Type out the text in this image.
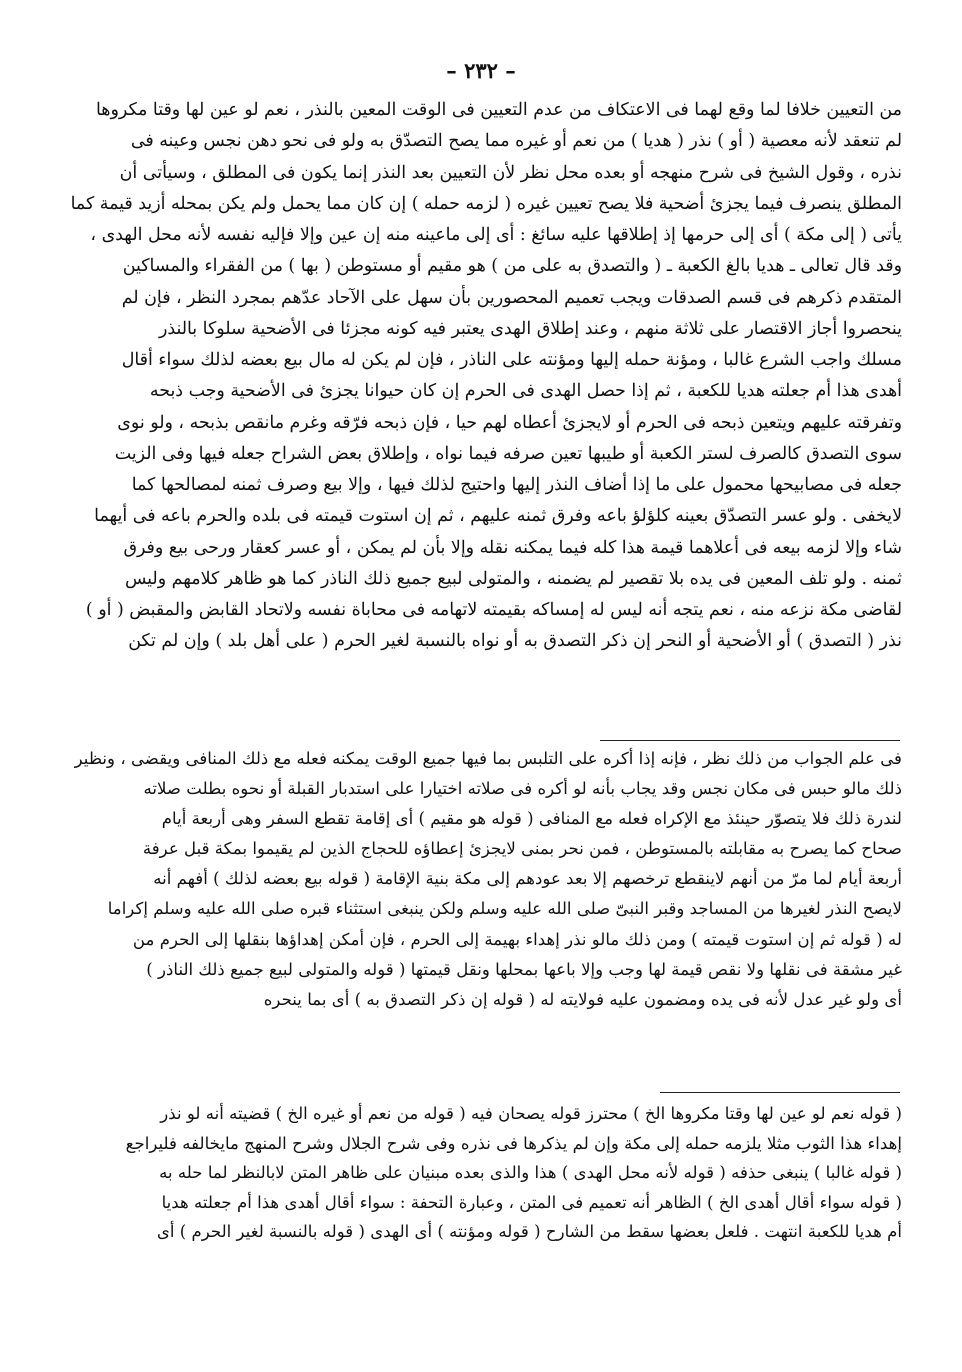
– ٢٣٢ –
من التعيين خلافا لما وقع لهما فى الاعتكاف من عدم التعيين فى الوقت المعين بالنذر ، نعم لو عين لها وقتا مكروها
لم تنعقد لأنه معصية ( أو ) نذر ( هديا ) من نعم أو غيره مما يصح التصدّق به ولو فى نحو دهن نجس وعينه فى
نذره ، وقول الشيخ فى شرح منهجه أو بعده محل نظر لأن التعيين بعد النذر إنما يكون فى المطلق ، وسيأتى أن
المطلق ينصرف فيما يجزئ أضحية فلا يصح تعيين غيره ( لزمه حمله ) إن كان مما يحمل ولم يكن بمحله أزيد قيمة كما
يأتى ( إلى مكة ) أى إلى حرمها إذ إطلاقها عليه سائغ : أى إلى ماعينه منه إن عين وإلا فإليه نفسه لأنه محل الهدى ،
وقد قال تعالى ـ هديا بالغ الكعبة ـ ( والتصدق به على من ) هو مقيم أو مستوطن ( بها ) من الفقراء والمساكين
المتقدم ذكرهم فى قسم الصدقات ويجب تعميم المحصورين بأن سهل على الآحاد عدّهم بمجرد النظر ، فإن لم
ينحصروا أجاز الاقتصار على ثلاثة منهم ، وعند إطلاق الهدى يعتبر فيه كونه مجزئا فى الأضحية سلوكا بالنذر
مسلك واجب الشرع غالبا ، ومؤنة حمله إليها ومؤنته على الناذر ، فإن لم يكن له مال بيع بعضه لذلك سواء أقال
أهدى هذا أم جعلته هديا للكعبة ، ثم إذا حصل الهدى فى الحرم إن كان حيوانا يجزئ فى الأضحية وجب ذبحه
وتفرقته عليهم ويتعين ذبحه فى الحرم أو لايجزئ أعطاه لهم حيا ، فإن ذبحه فرّقه وغرم مانقص بذبحه ، ولو نوى
سوى التصدق كالصرف لستر الكعبة أو طيبها تعين صرفه فيما نواه ، وإطلاق بعض الشراح جعله فيها وفى الزيت
جعله فى مصابيحها محمول على ما إذا أضاف النذر إليها واحتيج لذلك فيها ، وإلا بيع وصرف ثمنه لمصالحها كما
لايخفى . ولو عسر التصدّق بعينه كلؤلؤ باعه وفرق ثمنه عليهم ، ثم إن استوت قيمته فى بلده والحرم باعه فى أيهما
شاء وإلا لزمه بيعه فى أعلاهما قيمة هذا كله فيما يمكنه نقله وإلا بأن لم يمكن ، أو عسر كعقار ورحى بيع وفرق
ثمنه . ولو تلف المعين فى يده بلا تقصير لم يضمنه ، والمتولى لبيع جميع ذلك الناذر كما هو ظاهر كلامهم وليس
لقاضى مكة نزعه منه ، نعم يتجه أنه ليس له إمساكه بقيمته لاتهامه فى محاباة نفسه ولاتحاد القابض والمقبض ( أو )
نذر ( التصدق ) أو الأضحية أو النحر إن ذكر التصدق به أو نواه بالنسبة لغير الحرم ( على أهل بلد ) وإن لم تكن
فى علم الجواب من ذلك نظر ، فإنه إذا أكره على التلبس بما فيها جميع الوقت يمكنه فعله مع ذلك المنافى ويقضى ، ونظير
ذلك مالو حبس فى مكان نجس وقد يجاب بأنه لو أكره فى صلاته اختيارا على استدبار القبلة أو نحوه بطلت صلاته
لندرة ذلك فلا يتصوّر حينئذ مع الإكراه فعله مع المنافى ( قوله هو مقيم ) أى إقامة تقطع السفر وهى أربعة أيام
صحاح كما يصرح به مقابلته بالمستوطن ، فمن نحر بمنى لايجزئ إعطاؤه للحجاج الذين لم يقيموا بمكة قبل عرفة
أربعة أيام لما مرّ من أنهم لاينقطع ترخصهم إلا بعد عودهم إلى مكة بنية الإقامة ( قوله بيع بعضه لذلك ) أفهم أنه
لايصح النذر لغيرها من المساجد وقبر النبىّ صلى الله عليه وسلم ولكن ينبغى استثناء قبره صلى الله عليه وسلم إكراما
له ( قوله ثم إن استوت قيمته ) ومن ذلك مالو نذر إهداء بهيمة إلى الحرم ، فإن أمكن إهداؤها بنقلها إلى الحرم من
غير مشقة فى نقلها ولا نقص قيمة لها وجب وإلا باعها بمحلها ونقل قيمتها ( قوله والمتولى لبيع جميع ذلك الناذر )
أى ولو غير عدل لأنه فى يده ومضمون عليه فولايته له ( قوله إن ذكر التصدق به ) أى بما ينحره
( قوله نعم لو عين لها وقتا مكروها الخ ) محترز قوله يصحان فيه ( قوله من نعم أو غيره الخ ) قضيته أنه لو نذر
إهداء هذا الثوب مثلا يلزمه حمله إلى مكة وإن لم يذكرها فى نذره وفى شرح الجلال وشرح المنهج مايخالفه فليراجع
( قوله غالبا ) ينبغى حذفه ( قوله لأنه محل الهدى ) هذا والذى بعده مبنيان على ظاهر المتن لابالنظر لما حله به
( قوله سواء أقال أهدى الخ ) الظاهر أنه تعميم فى المتن ، وعبارة التحفة : سواء أقال أهدى هذا أم جعلته هديا
أم هديا للكعبة انتهت . فلعل بعضها سقط من الشارح ( قوله ومؤنته ) أى الهدى ( قوله بالنسبة لغير الحرم ) أى
